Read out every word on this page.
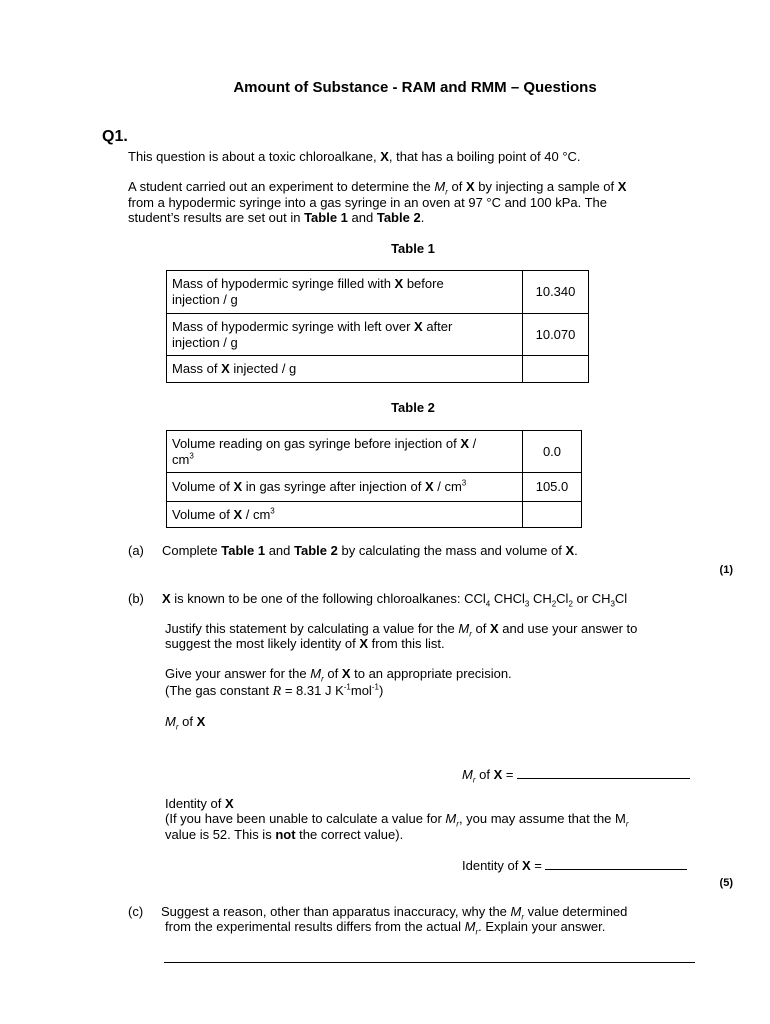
Amount of Substance - RAM and RMM – Questions
Q1.
This question is about a toxic chloroalkane, X, that has a boiling point of 40 °C.
A student carried out an experiment to determine the $M_r$ of X by injecting a sample of X
from a hypodermic syringe into a gas syringe in an oven at 97 °C and 100 kPa. The
student’s results are set out in Table 1 and Table 2.
Table 1
Mass of hypodermic syringe filled with X before
injection / g	10.340
Mass of hypodermic syringe with left over X after
injection / g	10.070
Mass of X injected / g	
Table 2
Volume reading on gas syringe before injection of X /
$cm^3$	0.0
Volume of X in gas syringe after injection of X / $cm^3$	105.0
Volume of X / $cm^3$	
(a) Complete Table 1 and Table 2 by calculating the mass and volume of X.
(1)
(b) X is known to be one of the following chloroalkanes: CCl$_4$ CHCl$_3$ $CH_2Cl_2$ or $CH_3Cl$
Justify this statement by calculating a value for the $M_r$ of X and use your answer to
suggest the most likely identity of X from this list.
Give your answer for the $M_r$ of X to an appropriate precision.
(The gas constant R = 8.31 J $K^{-1}mol^{-1}$)
$M_r$ of X
$M_r$ of X =
Identity of X
(If you have been unable to calculate a value for $M_r$, you may assume that the $M_r$
value is 52. This is not the correct value).
Identity of X =
(5)
(c) Suggest a reason, other than apparatus inaccuracy, why the $M_r$ value determined
from the experimental results differs from the actual $M_r$. Explain your answer.
